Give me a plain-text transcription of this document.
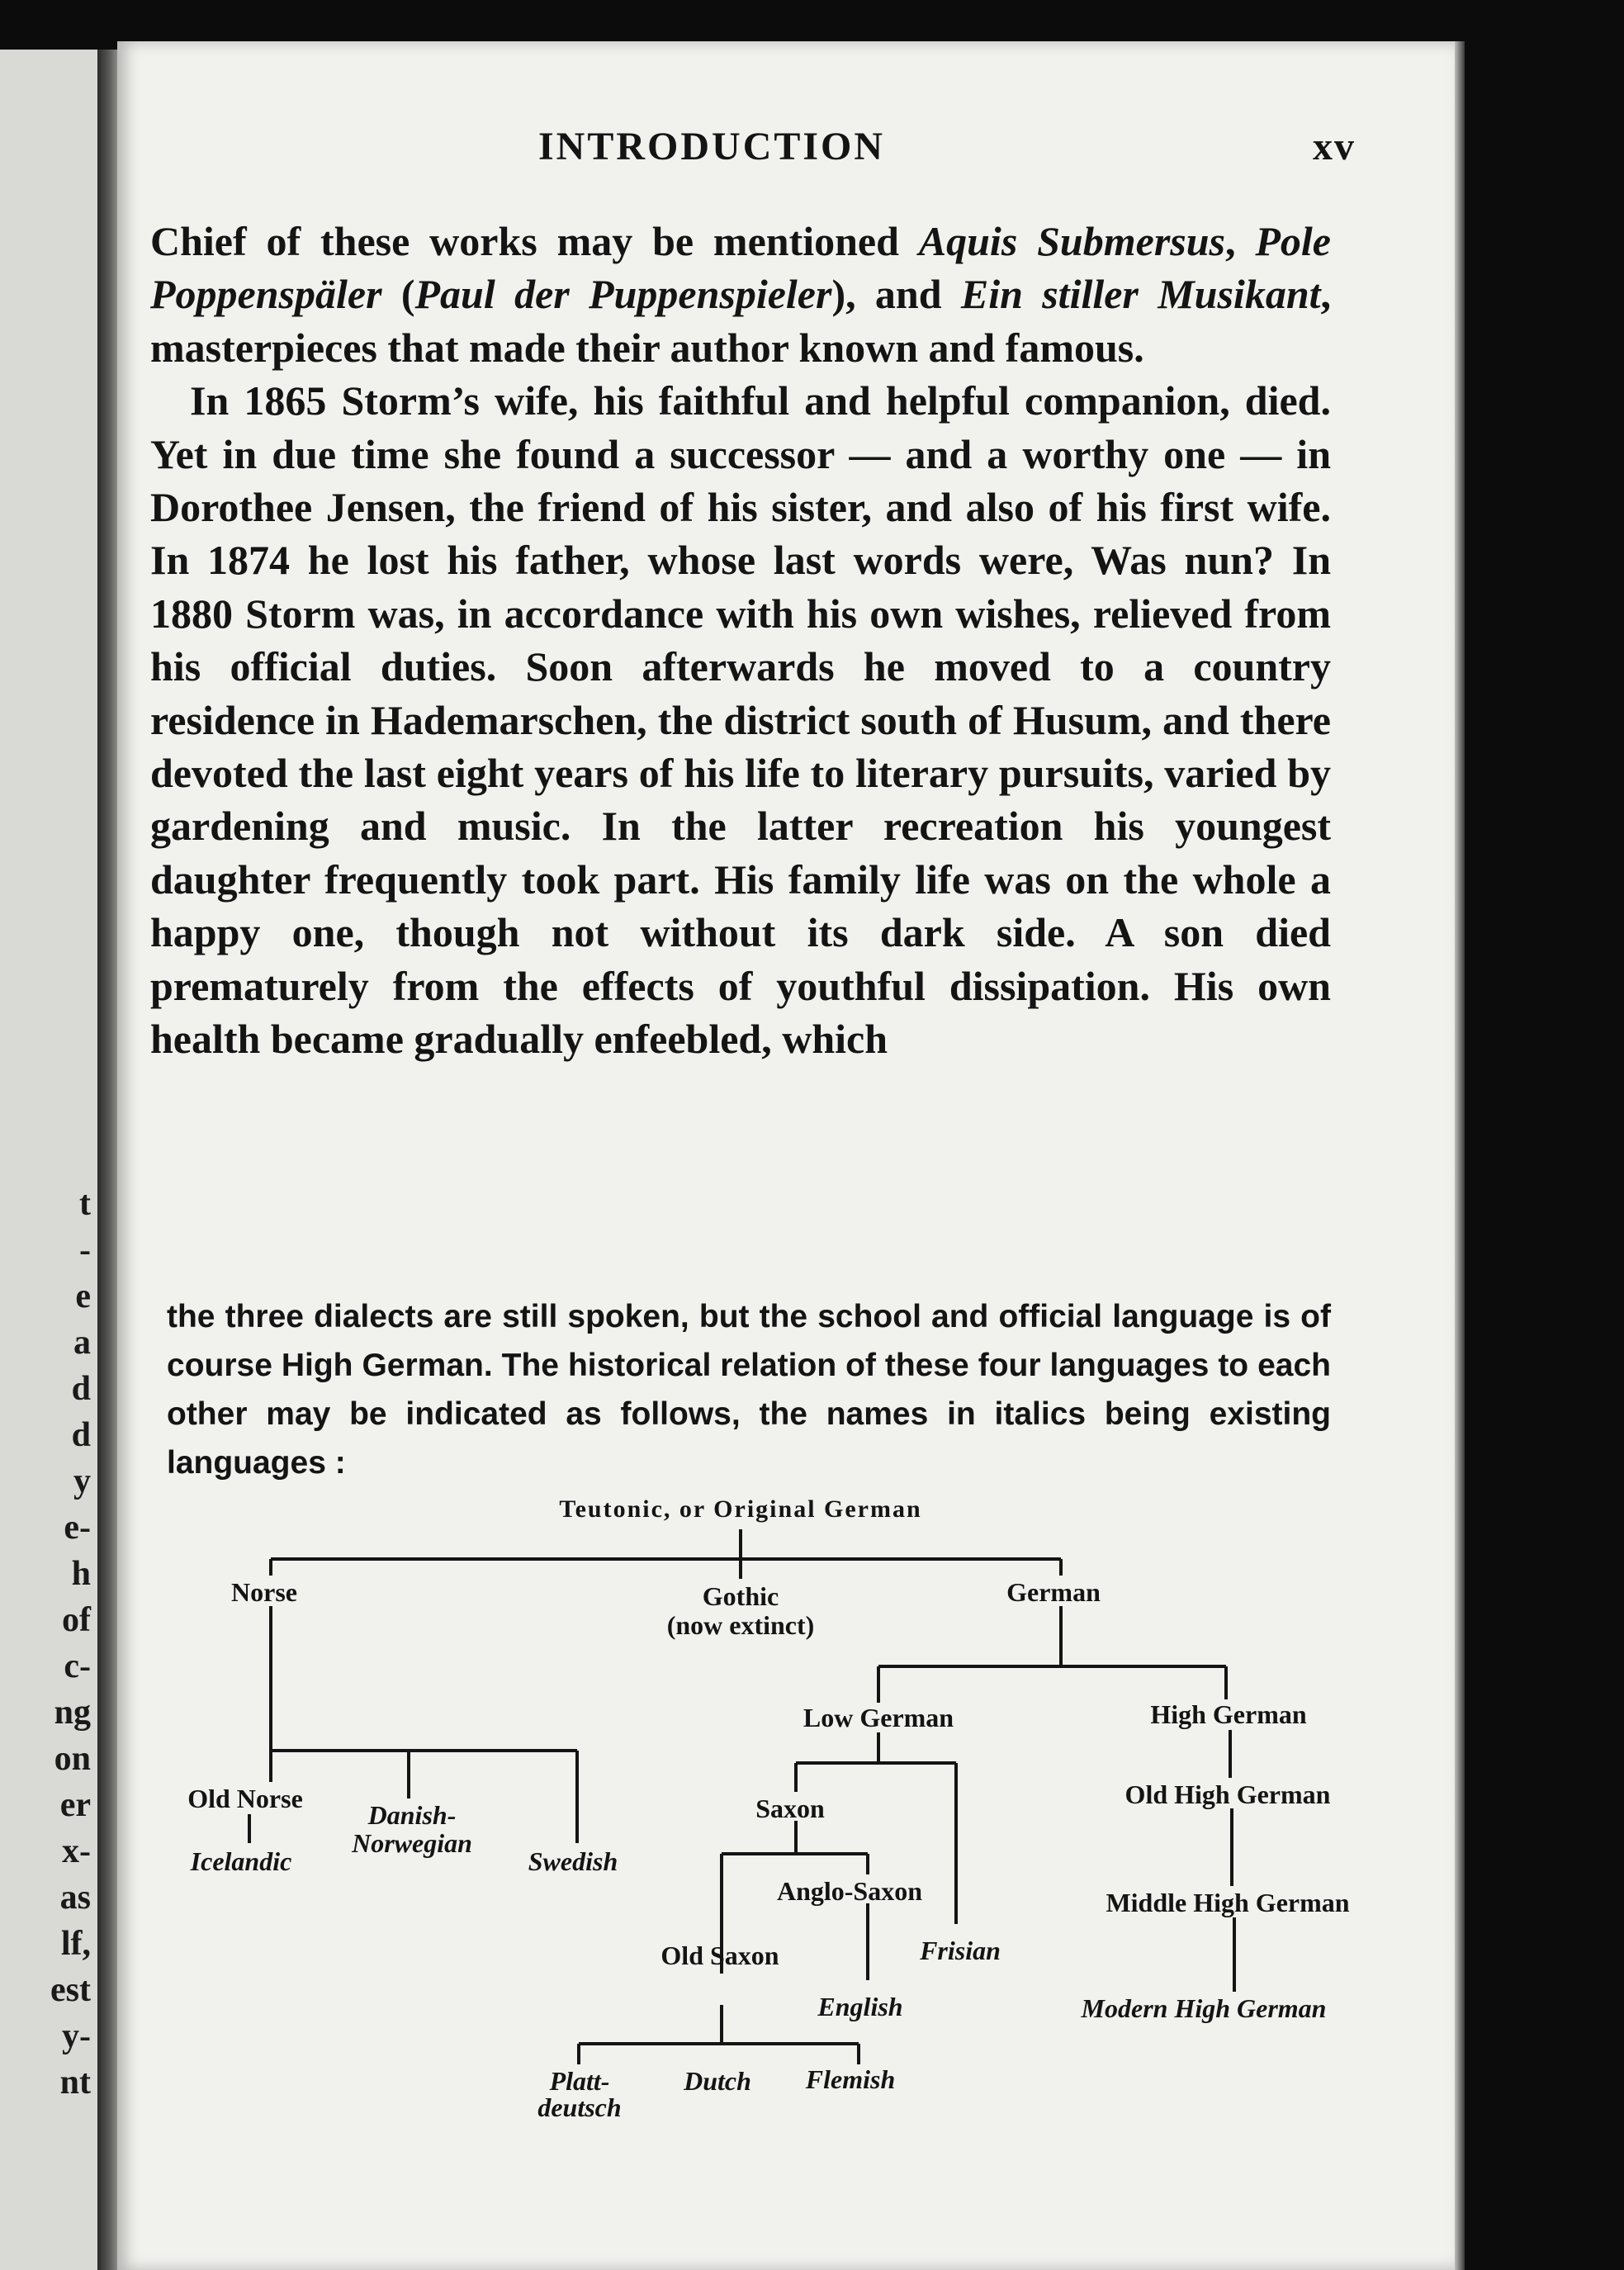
t
-
e
a
d
d
y
e-
h
of
c-
ng
on
er
x-
as
lf,
est
y-
nt
INTRODUCTION	xv

Chief of these works may be mentioned Aquis Submersus, Pole Poppenspäler (Paul der Puppenspieler), and Ein stiller Musikant, masterpieces that made their author known and famous.

In 1865 Storm’s wife, his faithful and helpful companion, died. Yet in due time she found a successor — and a worthy one — in Dorothee Jensen, the friend of his sister, and also of his first wife. In 1874 he lost his father, whose last words were, Was nun? In 1880 Storm was, in accordance with his own wishes, relieved from his official duties. Soon afterwards he moved to a country residence in Hademarschen, the district south of Husum, and there devoted the last eight years of his life to literary pursuits, varied by gardening and music. In the latter recreation his youngest daughter frequently took part. His family life was on the whole a happy one, though not without its dark side. A son died prematurely from the effects of youthful dissipation. His own health became gradually enfeebled, which

the three dialects are still spoken, but the school and official language is of course High German. The historical relation of these four languages to each other may be indicated as follows, the names in italics being existing languages :

Teutonic, or Original German
Norse	Gothic
(now extinct)
German
Low German	High German
Old Norse
Danish-
Norwegian
Swedish
Icelandic
Saxon	Old High German
Anglo-Saxon	Middle High German
Old Saxon	Frisian
English	Modern High German
Platt-
deutsch
Dutch Flemish
